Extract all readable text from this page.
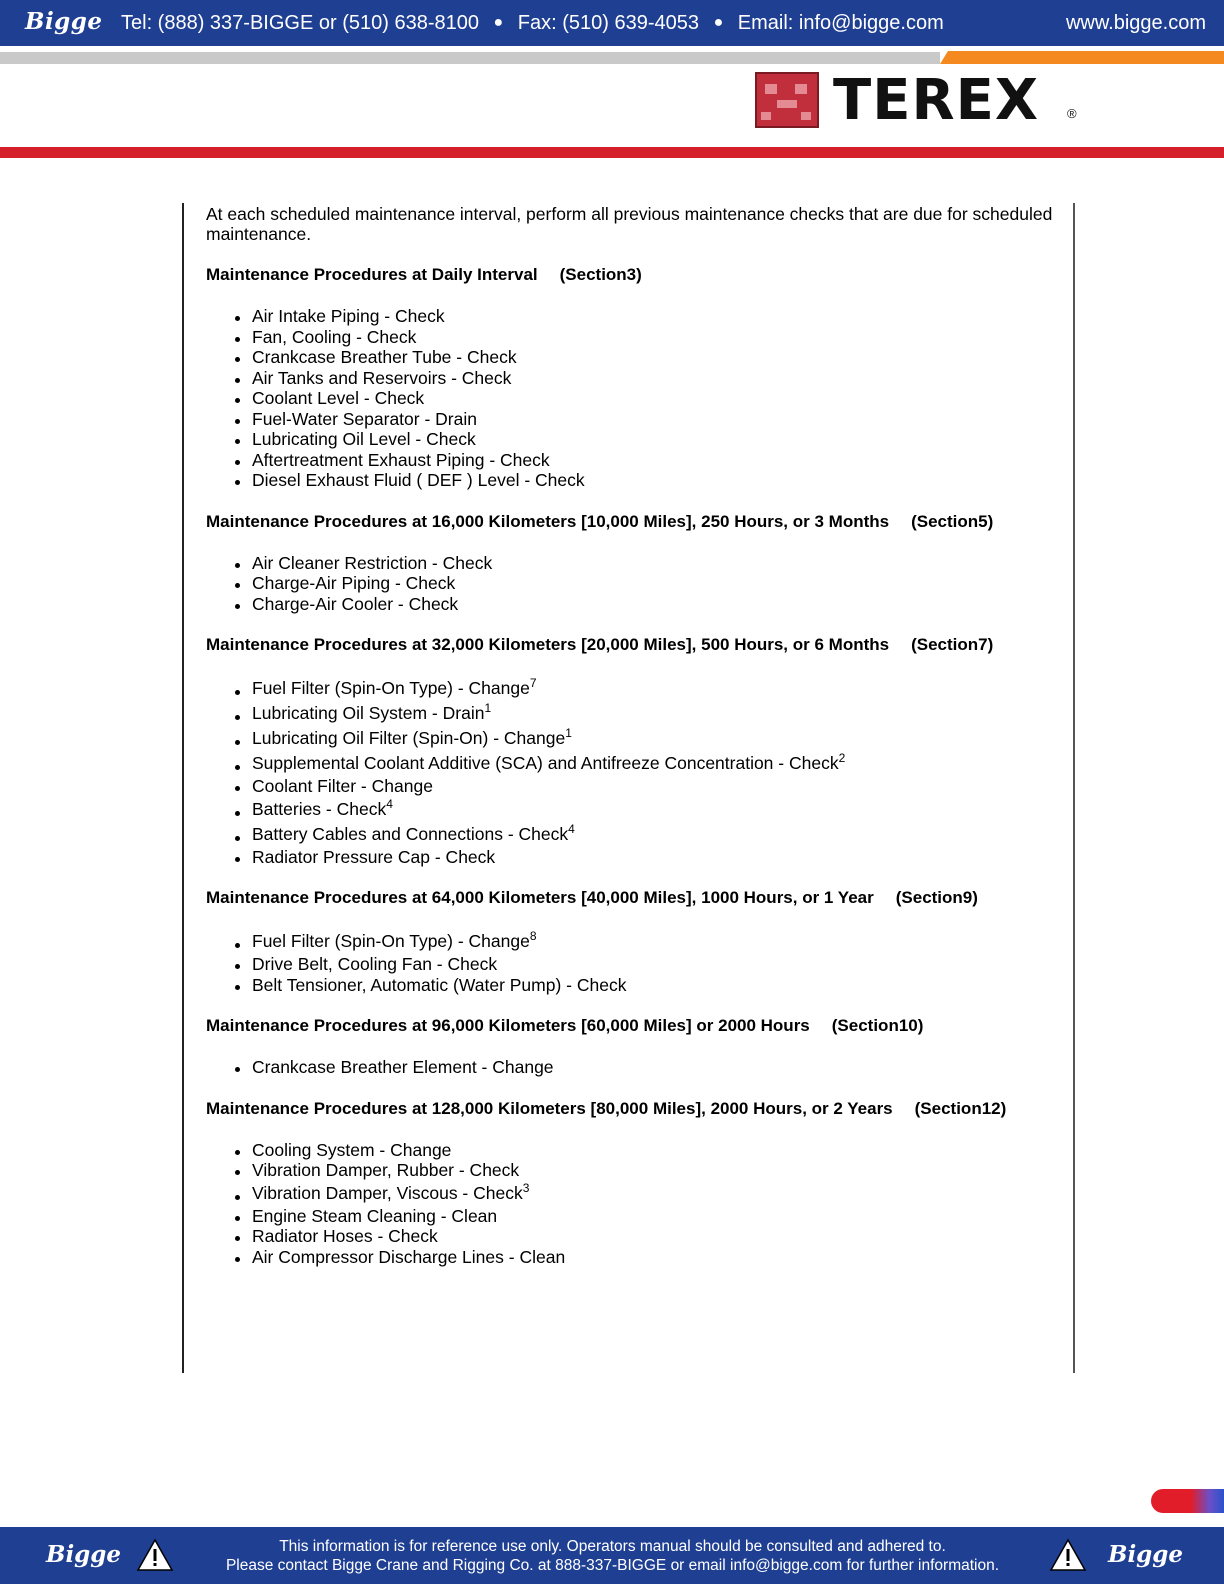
Bigge Tel: (888) 337-BIGGE or (510) 638-8100 ● Fax: (510) 639-4053 ● Email: info@bigge.com	www.bigge.com
TEREX ®

At each scheduled maintenance interval, perform all previous maintenance checks that are due for scheduled maintenance.

Maintenance Procedures at Daily Interval (Section3)

Air Intake Piping - Check
Fan, Cooling - Check
Crankcase Breather Tube - Check
Air Tanks and Reservoirs - Check
Coolant Level - Check
Fuel-Water Separator - Drain
Lubricating Oil Level - Check
Aftertreatment Exhaust Piping - Check
Diesel Exhaust Fluid ( DEF ) Level - Check

Maintenance Procedures at 16,000 Kilometers [10,000 Miles], 250 Hours, or 3 Months (Section5)

Air Cleaner Restriction - Check
Charge-Air Piping - Check
Charge-Air Cooler - Check

Maintenance Procedures at 32,000 Kilometers [20,000 Miles], 500 Hours, or 6 Months (Section7)

Fuel Filter (Spin-On Type) - Change$^7$
Lubricating Oil System - Drain$^1$
Lubricating Oil Filter (Spin-On) - Change$^1$
Supplemental Coolant Additive (SCA) and Antifreeze Concentration - Check$^2$
Coolant Filter - Change
Batteries - Check$^4$
Battery Cables and Connections - Check$^4$
Radiator Pressure Cap - Check

Maintenance Procedures at 64,000 Kilometers [40,000 Miles], 1000 Hours, or 1 Year (Section9)

Fuel Filter (Spin-On Type) - Change$^8$
Drive Belt, Cooling Fan - Check
Belt Tensioner, Automatic (Water Pump) - Check

Maintenance Procedures at 96,000 Kilometers [60,000 Miles] or 2000 Hours (Section10)

Crankcase Breather Element - Change

Maintenance Procedures at 128,000 Kilometers [80,000 Miles], 2000 Hours, or 2 Years (Section12)

Cooling System - Change
Vibration Damper, Rubber - Check
Vibration Damper, Viscous - Check$^3$
Engine Steam Cleaning - Clean
Radiator Hoses - Check
Air Compressor Discharge Lines - Clean
Bigge	This information is for reference use only. Operators manual should be consulted and adhered to.
Please contact Bigge Crane and Rigging Co. at 888-337-BIGGE or email info@bigge.com for further information.	Bigge
